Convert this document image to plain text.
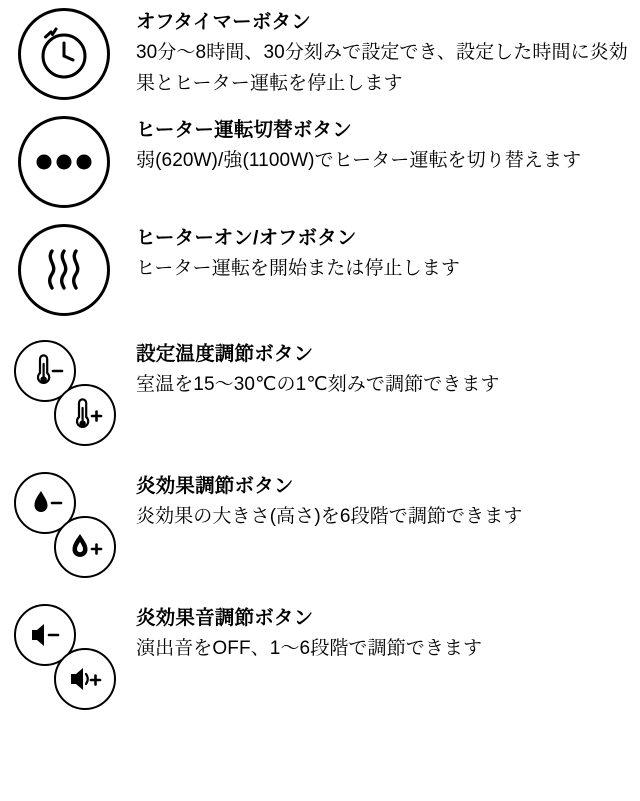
オフタイマーボタン

30分〜8時間、30分刻みで設定でき、設定した時間に炎効果とヒーター運転を停止します

ヒーター運転切替ボタン

弱(620W)/強(1100W)でヒーター運転を切り替えます

ヒーターオン/オフボタン

ヒーター運転を開始または停止します

設定温度調節ボタン

室温を15〜30℃の1℃刻みで調節できます

炎効果調節ボタン

炎効果の大きさ(高さ)を6段階で調節できます

炎効果音調節ボタン

演出音をOFF、1〜6段階で調節できます
